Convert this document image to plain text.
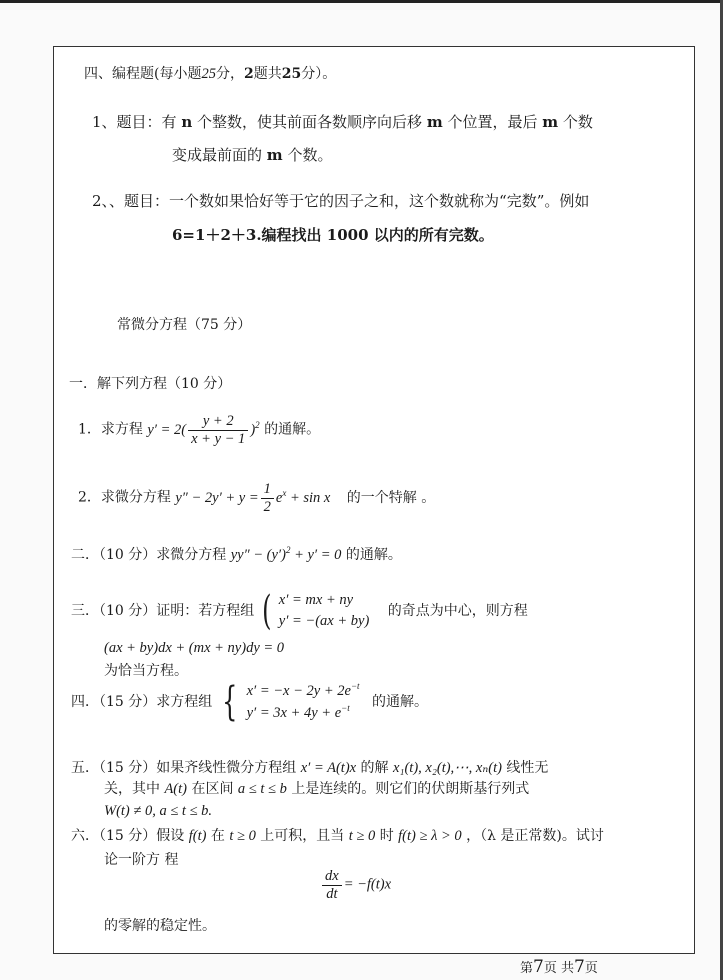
四、编程题(每小题25分，2题共25分）。
1、题目：有 n 个整数，使其前面各数顺序向后移 m 个位置，最后 m 个数
变成最前面的 m 个数。
2、、题目：一个数如果恰好等于它的因子之和，这个数就称为“完数”。例如
6=1＋2＋3.编程找出 1000 以内的所有完数。
常微分方程（75 分）
一．解下列方程（10 分）
1．求方程 $y' = 2( \frac{y + 2}{x + y - 1} )^2$ 的通解。
2．求微分方程 $y'' - 2y' + y = \frac{1}{2} e^x + \sin x$ 的一个特解 。
二．（10 分）求微分方程 $yy'' - (y')^2 + y' = 0$ 的通解。
三．（10 分）证明：若方程组 ( x′ = mx + ny
y′ = −(ax + by)
的奇点为中心，则方程
(ax + by)dx + (mx + ny)dy = 0
为恰当方程。
四．（15 分）求方程组 { $x' = -x - 2y + 2e^{-t}$
$y' = 3x + 4y + e^{-t}$	的通解。
五．（15 分）如果齐线性微分方程组 x′ = A(t)x 的解 x₁(t), x₂(t),⋯, xₙ(t) 线性无
关，其中 A(t) 在区间 a ≤ t ≤ b 上是连续的。则它们的伏朗斯基行列式
W(t) ≠ 0, a ≤ t ≤ b.
六．（15 分）假设 f(t) 在 t ≥ 0 上可积，且当 t ≥ 0 时 f(t) ≥ λ > 0 ，（λ 是正常数)。试讨
论一阶方 程
$\frac{dx}{dt} = -f(t)x$
的零解的稳定性。
第7页 共7页
